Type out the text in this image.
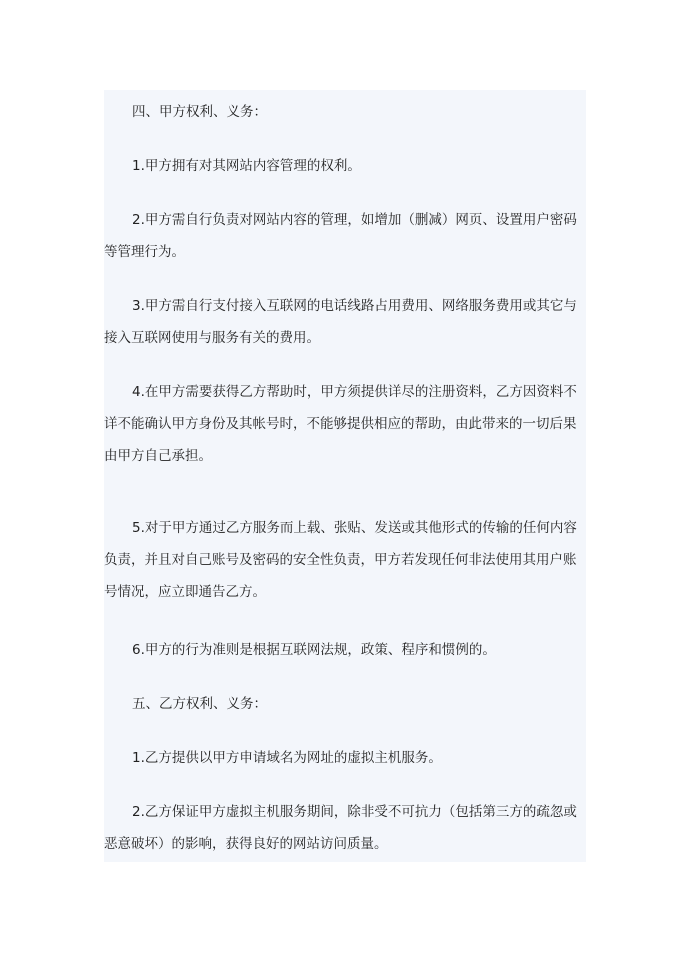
四、甲方权利、义务：

1.甲方拥有对其网站内容管理的权利。

2.甲方需自行负责对网站内容的管理，如增加（删减）网页、设置用户密码等管理行为。

3.甲方需自行支付接入互联网的电话线路占用费用、网络服务费用或其它与接入互联网使用与服务有关的费用。

4.在甲方需要获得乙方帮助时，甲方须提供详尽的注册资料，乙方因资料不详不能确认甲方身份及其帐号时，不能够提供相应的帮助，由此带来的一切后果由甲方自己承担。

5.对于甲方通过乙方服务而上载、张贴、发送或其他形式的传输的任何内容负责，并且对自己账号及密码的安全性负责，甲方若发现任何非法使用其用户账号情况，应立即通告乙方。

6.甲方的行为准则是根据互联网法规，政策、程序和惯例的。

五、乙方权利、义务：

1.乙方提供以甲方申请域名为网址的虚拟主机服务。

2.乙方保证甲方虚拟主机服务期间，除非受不可抗力（包括第三方的疏忽或恶意破坏）的影响，获得良好的网站访问质量。
